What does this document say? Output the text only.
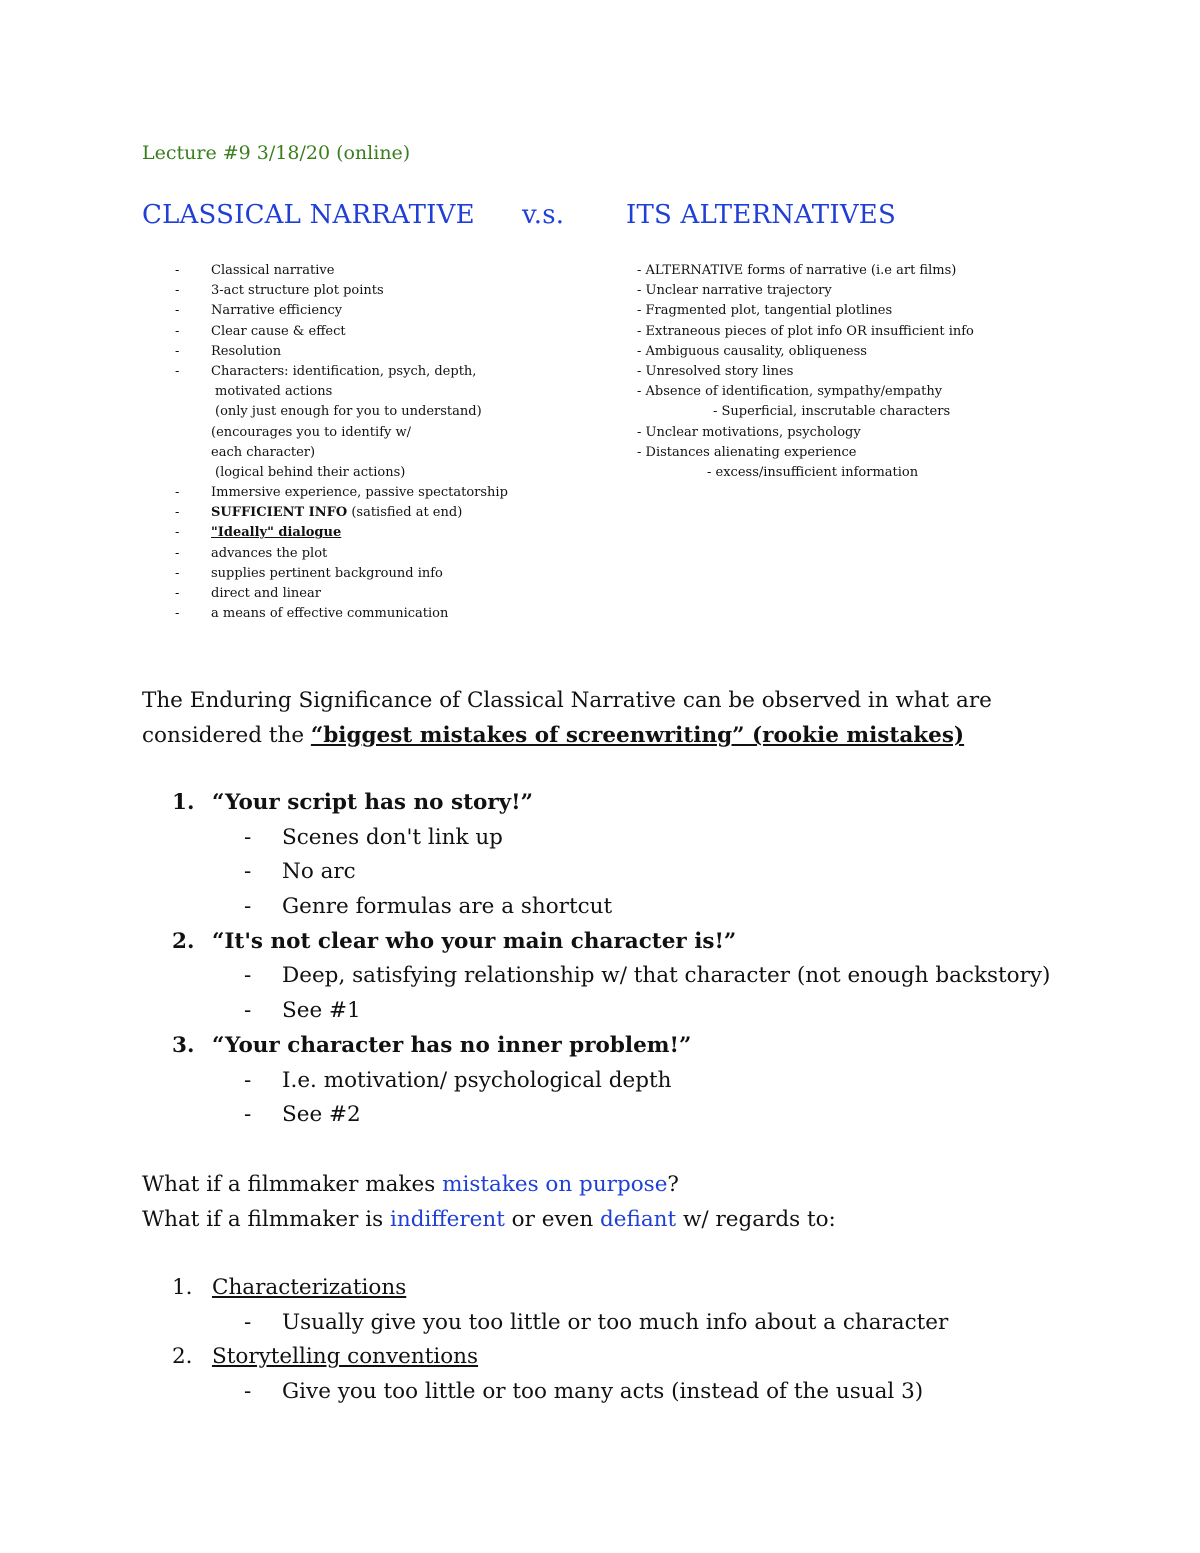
Lecture #9 3/18/20 (online)
CLASSICAL NARRATIVE v.s. ITS ALTERNATIVES
- Classical narrative
- 3-act structure plot points
- Narrative efficiency
- Clear cause & effect
- Resolution
- Characters: identification, psych, depth,
motivated actions
(only just enough for you to understand)
(encourages you to identify w/
each character)
(logical behind their actions)
- Immersive experience, passive spectatorship
- SUFFICIENT INFO (satisfied at end)
- "Ideally" dialogue
- advances the plot
- supplies pertinent background info
- direct and linear
- a means of effective communication
- ALTERNATIVE forms of narrative (i.e art films)
- Unclear narrative trajectory
- Fragmented plot, tangential plotlines
- Extraneous pieces of plot info OR insufficient info
- Ambiguous causality, obliqueness
- Unresolved story lines
- Absence of identification, sympathy/empathy
- Superficial, inscrutable characters
- Unclear motivations, psychology
- Distances alienating experience
- excess/insufficient information
The Enduring Significance of Classical Narrative can be observed in what are
considered the “biggest mistakes of screenwriting” (rookie mistakes)
1. “Your script has no story!”
- Scenes don't link up
- No arc
- Genre formulas are a shortcut
2. “It's not clear who your main character is!”
- Deep, satisfying relationship w/ that character (not enough backstory)
- See #1
3. “Your character has no inner problem!”
- I.e. motivation/ psychological depth
- See #2
What if a filmmaker makes mistakes on purpose?
What if a filmmaker is indifferent or even defiant w/ regards to:
1. Characterizations
- Usually give you too little or too much info about a character
2. Storytelling conventions
- Give you too little or too many acts (instead of the usual 3)
